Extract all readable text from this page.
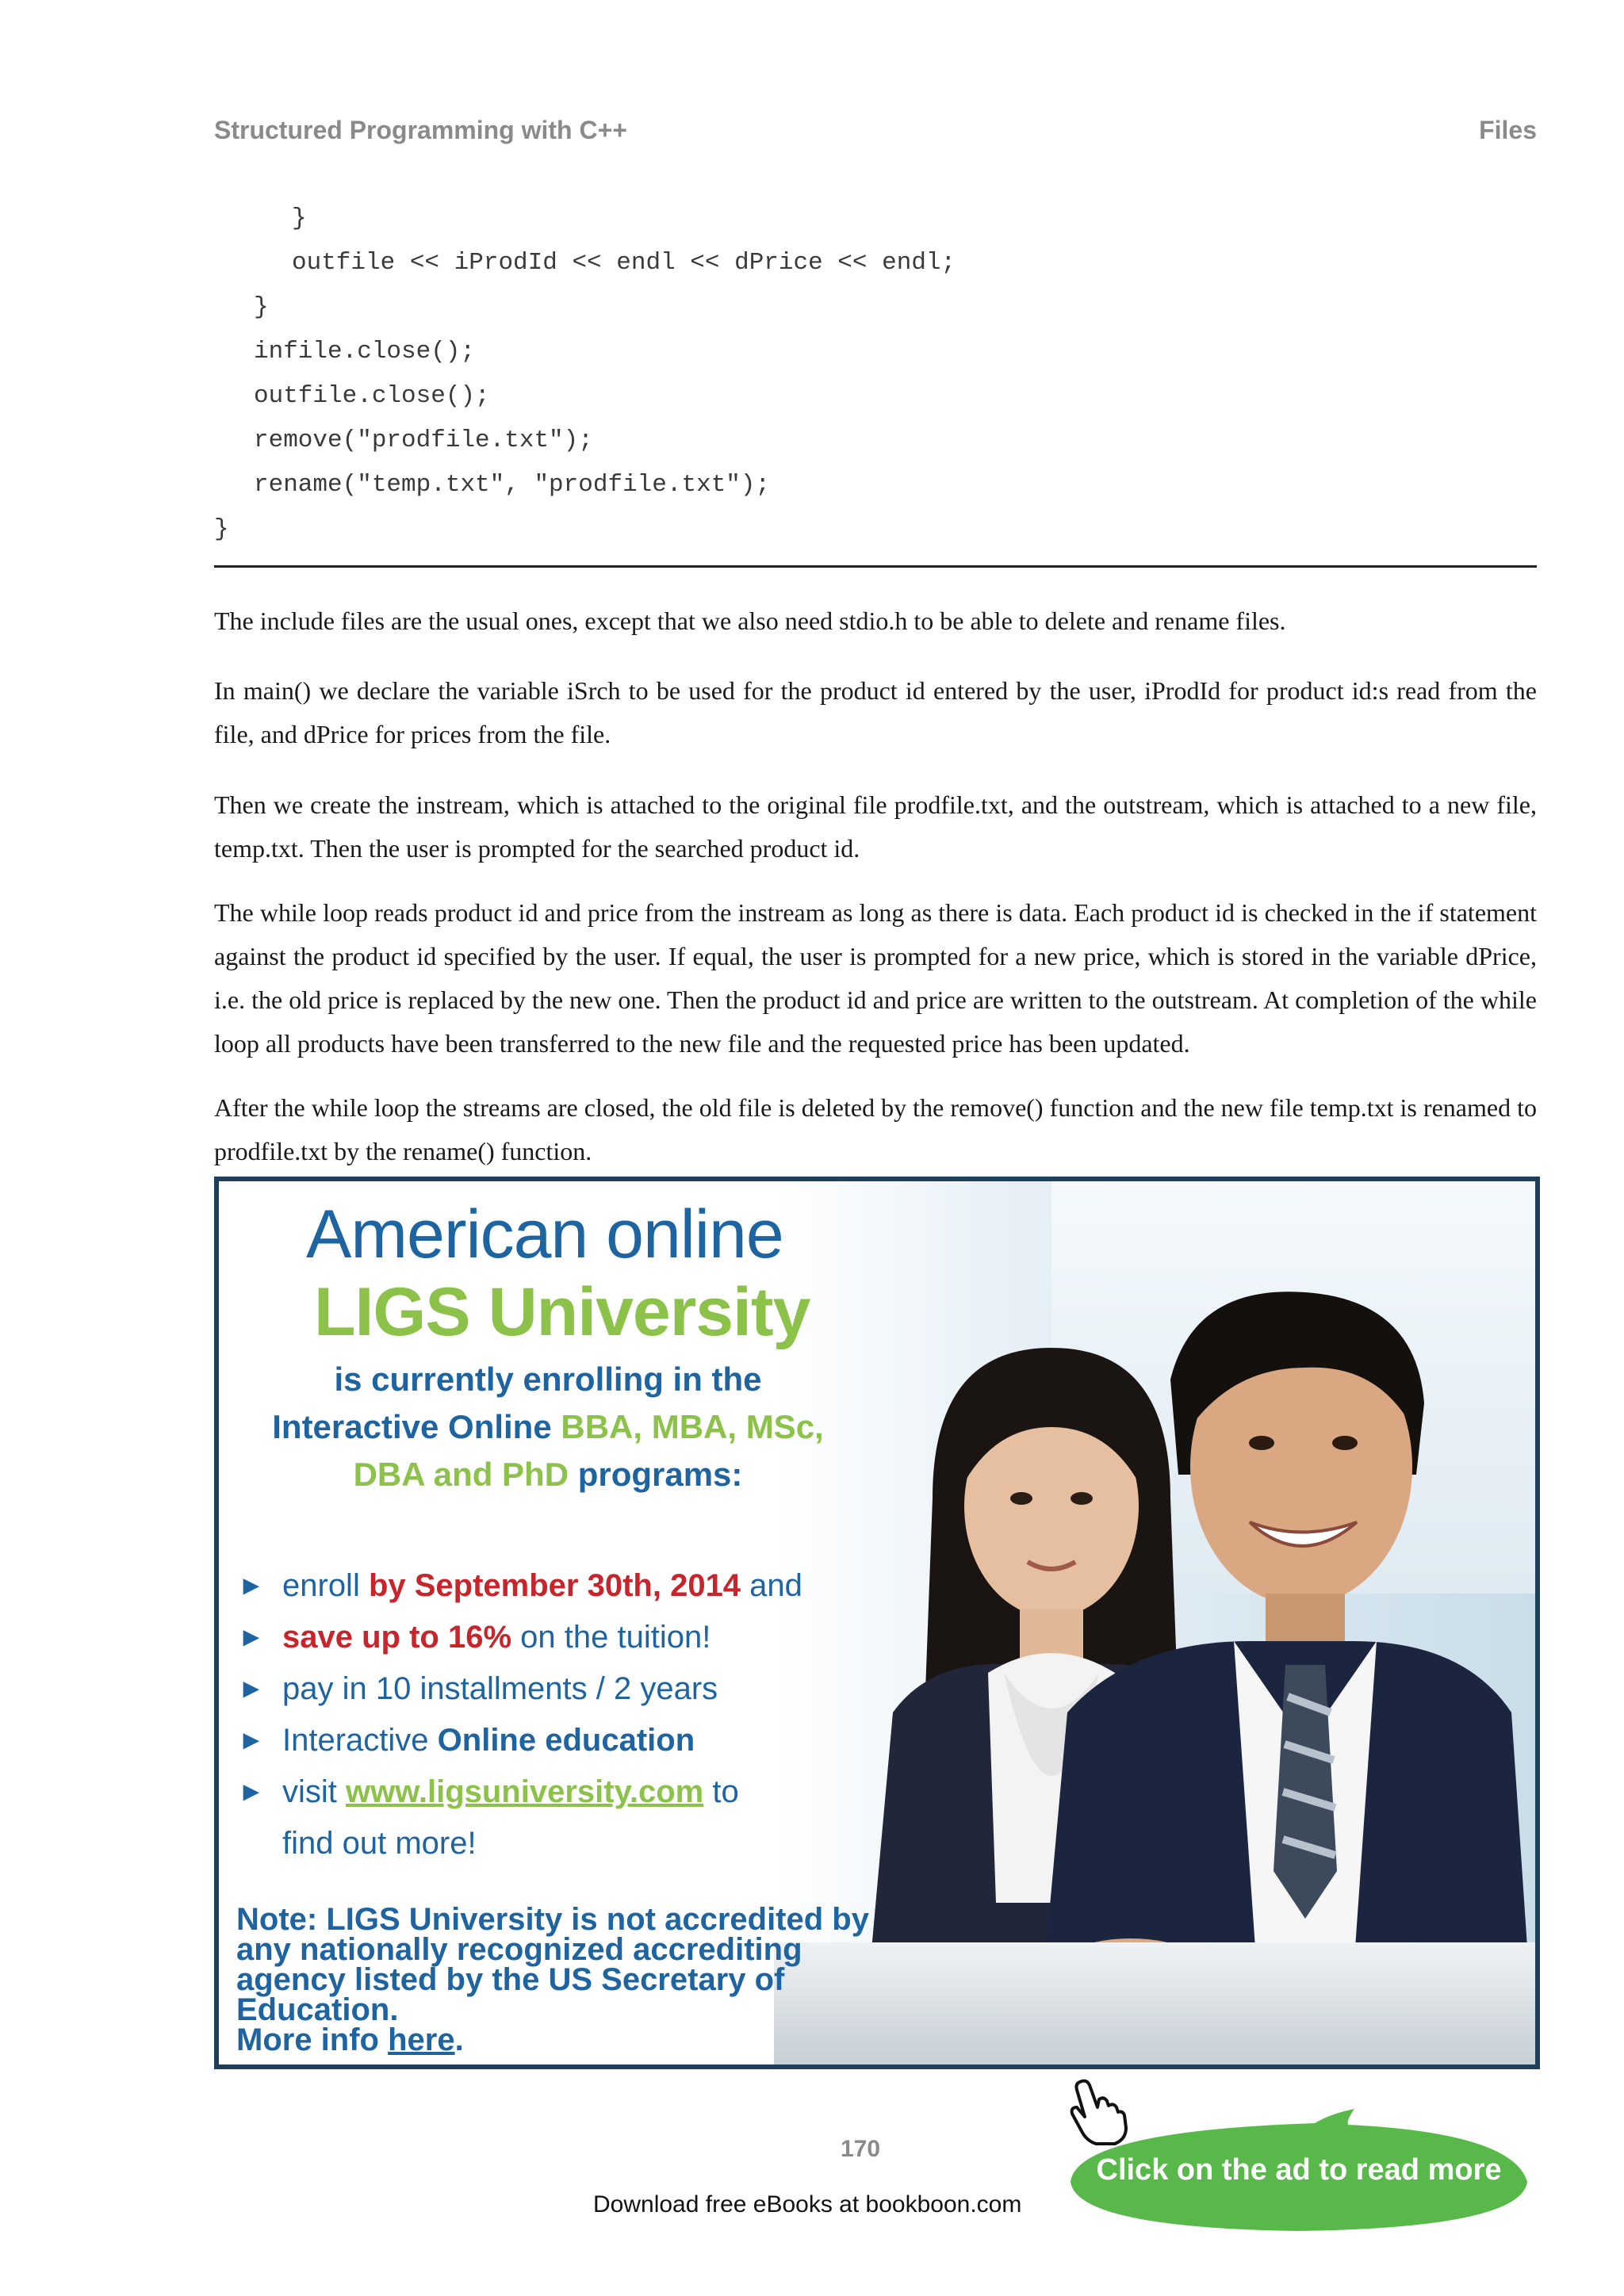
Structured Programming with C++	Files
}
outfile << iProdId << endl << dPrice << endl;
}
infile.close();
outfile.close();
remove("prodfile.txt");
rename("temp.txt", "prodfile.txt");
}

The include files are the usual ones, except that we also need stdio.h to be able to delete and rename files.

In main() we declare the variable iSrch to be used for the product id entered by the user, iProdId for product id:s read from the file, and dPrice for prices from the file.

Then we create the instream, which is attached to the original file prodfile.txt, and the outstream, which is attached to a new file, temp.txt. Then the user is prompted for the searched product id.

The while loop reads product id and price from the instream as long as there is data. Each product id is checked in the if statement against the product id specified by the user. If equal, the user is prompted for a new price, which is stored in the variable dPrice, i.e. the old price is replaced by the new one. Then the product id and price are written to the outstream. At completion of the while loop all products have been transferred to the new file and the requested price has been updated.

After the while loop the streams are closed, the old file is deleted by the remove() function and the new file temp.txt is renamed to prodfile.txt by the rename() function.

American online
LIGS University
is currently enrolling in the
Interactive Online BBA, MBA, MSc,
DBA and PhD programs:
► enroll by September 30th, 2014 and
► save up to 16% on the tuition!
► pay in 10 installments / 2 years
► Interactive Online education
► visit www.ligsuniversity.com to
find out more!
Note: LIGS University is not accredited by any nationally recognized accrediting agency listed by the US Secretary of Education.
More info here.
Click on the ad to read more
170
Download free eBooks at bookboon.com
